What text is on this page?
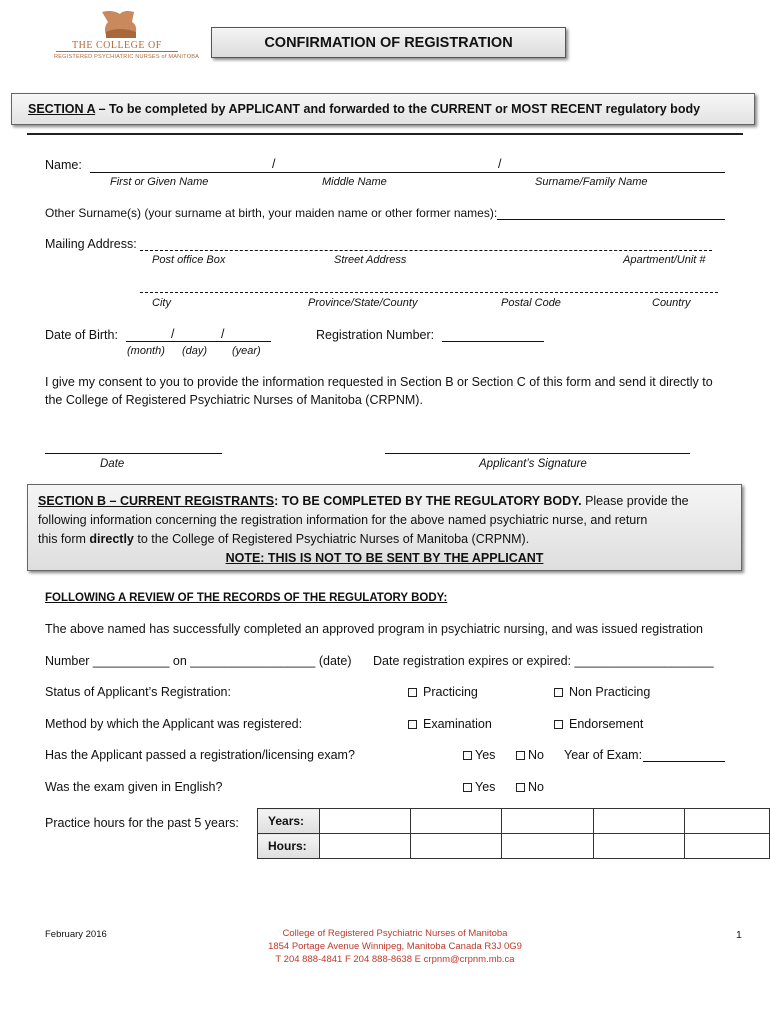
THE COLLEGE OF
REGISTERED PSYCHIATRIC NURSES of MANITOBA
CONFIRMATION OF REGISTRATION
SECTION A – To be completed by APPLICANT and forwarded to the CURRENT or MOST RECENT regulatory body
Name:	/	/
First or Given Name	Middle Name	Surname/Family Name
Other Surname(s) (your surname at birth, your maiden name or other former names):
Mailing Address:
Post office Box	Street Address	Apartment/Unit #
City	Province/State/County	Postal Code	Country
Date of Birth:	/	/
(month) (day) (year)
Registration Number:
I give my consent to you to provide the information requested in Section B or Section C of this form and send it directly to
the College of Registered Psychiatric Nurses of Manitoba (CRPNM).
Date	Applicant’s Signature
SECTION B – CURRENT REGISTRANTS: TO BE COMPLETED BY THE REGULATORY BODY. Please provide the
following information concerning the registration information for the above named psychiatric nurse, and return
this form directly to the College of Registered Psychiatric Nurses of Manitoba (CRPNM).
NOTE: THIS IS NOT TO BE SENT BY THE APPLICANT
FOLLOWING A REVIEW OF THE RECORDS OF THE REGULATORY BODY:
The above named has successfully completed an approved program in psychiatric nursing, and was issued registration
Number ___________ on __________________ (date) Date registration expires or expired: ____________________
Status of Applicant’s Registration:	Practicing	Non Practicing
Method by which the Applicant was registered:	Examination	Endorsement
Has the Applicant passed a registration/licensing exam?	Yes	No Year of Exam:
Was the exam given in English?	Yes	No
Practice hours for the past 5 years: Years:					
Hours:					
February 2016	College of Registered Psychiatric Nurses of Manitoba
1854 Portage Avenue Winnipeg, Manitoba Canada R3J 0G9
T 204 888-4841 F 204 888-8638 E crpnm@crpnm.mb.ca
1
